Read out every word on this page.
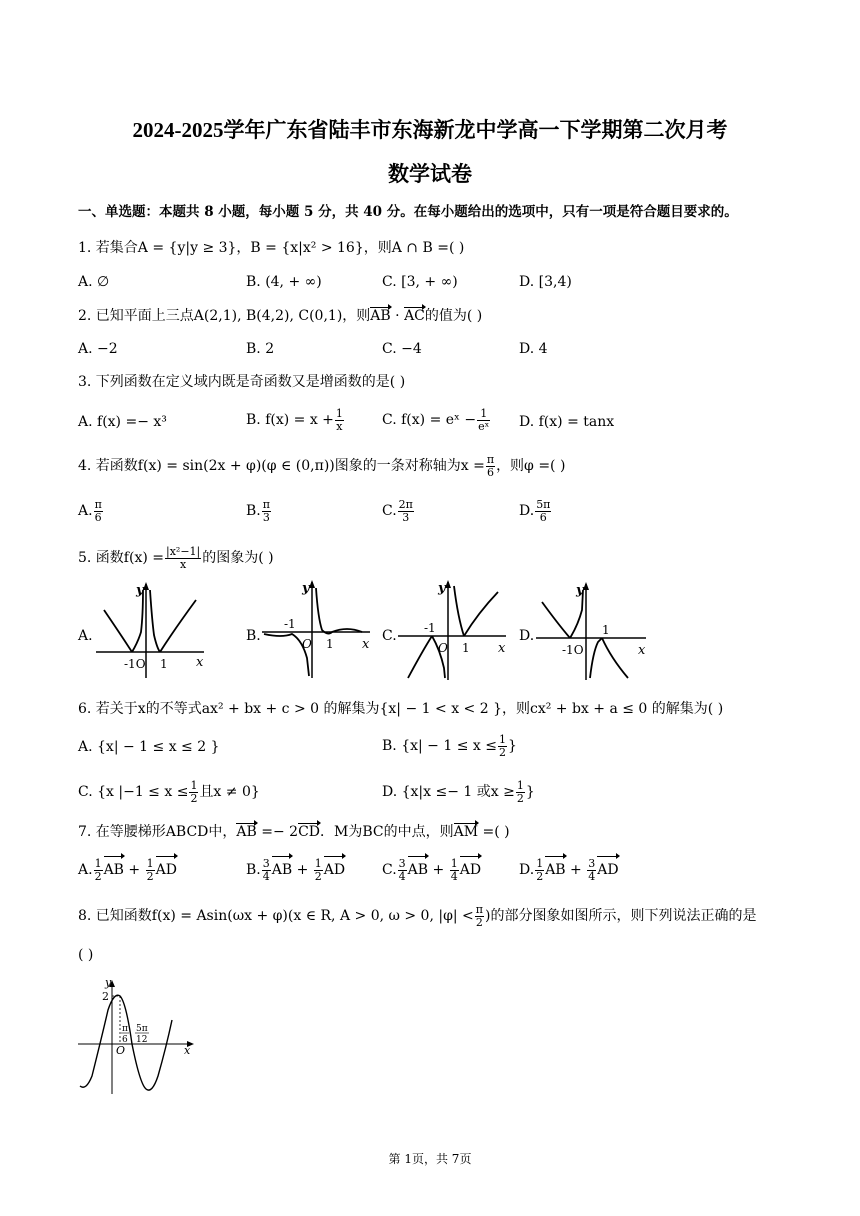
2024-2025学年广东省陆丰市东海新龙中学高一下学期第二次月考
数学试卷
一、单选题：本题共 8 小题，每小题 5 分，共 40 分。在每小题给出的选项中，只有一项是符合题目要求的。
1. 若集合A = {y|y ≥ 3}，B = {x|x² > 16}，则A ∩ B =( )
A. ∅	B. (4, + ∞)	C. [3, + ∞)	D. [3,4)
2. 已知平面上三点A(2,1), B(4,2), C(0,1)，则AB · AC的值为( )
A. −2	B. 2	C. −4	D. 4
3. 下列函数在定义域内既是奇函数又是增函数的是( )
A. f(x) =− x³	B. $f(x) = x + \frac{1}{x}$	C. f(x) = eˣ − $\frac{1}{\text{eˣ}} D$. f(x) = tanx
4. 若函数f(x) = sin(2x + φ)(φ ∈ (0,π))图象的一条对称轴为$x = \frac{\pi}{6}$ ，则φ =( )
A. $\frac{\pi}{6}$	B. $\frac{\pi}{3}$	C. $\frac{2\pi}{3}$	D. $\frac{5\pi}{6}$
5. 函数$f(x) = \frac{\text{|x²−1|}}{x}$ 的图象为( )
A.	B.	C.	D.
y
x
-1O 1
y
x
-1
O 1
y
x
-1
O 1
y
x
-1O
1
6. 若关于x的不等式ax² + bx + c > 0 的解集为{x| − 1 < x < 2 }，则cx² + bx + a ≤ 0 的解集为( )
A. {x| − 1 ≤ x ≤ 2 }	B. {$x| - 1 \le x \le \frac{1}{2}$ }
C. {x $|-1 \le x \le \frac{1}{2}$ 且x ≠ 0}	D. {x|x ≤− 1 或$x \ge \frac{1}{2}$ }
7. 在等腰梯形ABCD中，AB =− 2CD．M为BC的中点，则AM =( )
A. $\frac{1}{2}$ AB + $\frac{1}{2}$ AD	B. $\frac{3}{4}$ AB + $\frac{1}{2}$ AD	C. $\frac{3}{4}$ AB + $\frac{1}{4}$ AD	D. $\frac{1}{2}$ AB + $\frac{3}{4}$ AD
8. 已知函数f(x) = Asin(ωx + φ)(x ∈ R, A > 0, ω > 0, $|\varphi| < \frac{\pi}{2}$ )的部分图象如图所示，则下列说法正确的是
( )
y
x
2
O
π
6
5π
12
第 1页，共 7页
